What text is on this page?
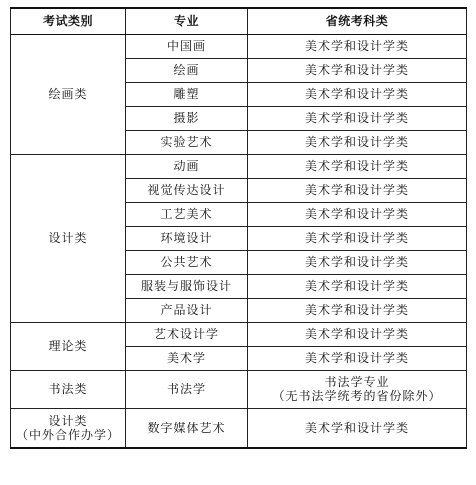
考试类别	专业	省统考科类

绘画类	中国画	美术学和设计学类

	绘画	美术学和设计学类

	雕塑	美术学和设计学类

	摄影	美术学和设计学类

	实验艺术	美术学和设计学类

设计类	动画	美术学和设计学类

	视觉传达设计	美术学和设计学类

	工艺美术	美术学和设计学类

	环境设计	美术学和设计学类

	公共艺术	美术学和设计学类

	服装与服饰设计	美术学和设计学类

	产品设计	美术学和设计学类

理论类	艺术设计学	美术学和设计学类

	美术学	美术学和设计学类

书法类	书法学	书法学专业
（无书法学统考的省份除外）

设计类
（中外合作办学）	数字媒体艺术	美术学和设计学类
